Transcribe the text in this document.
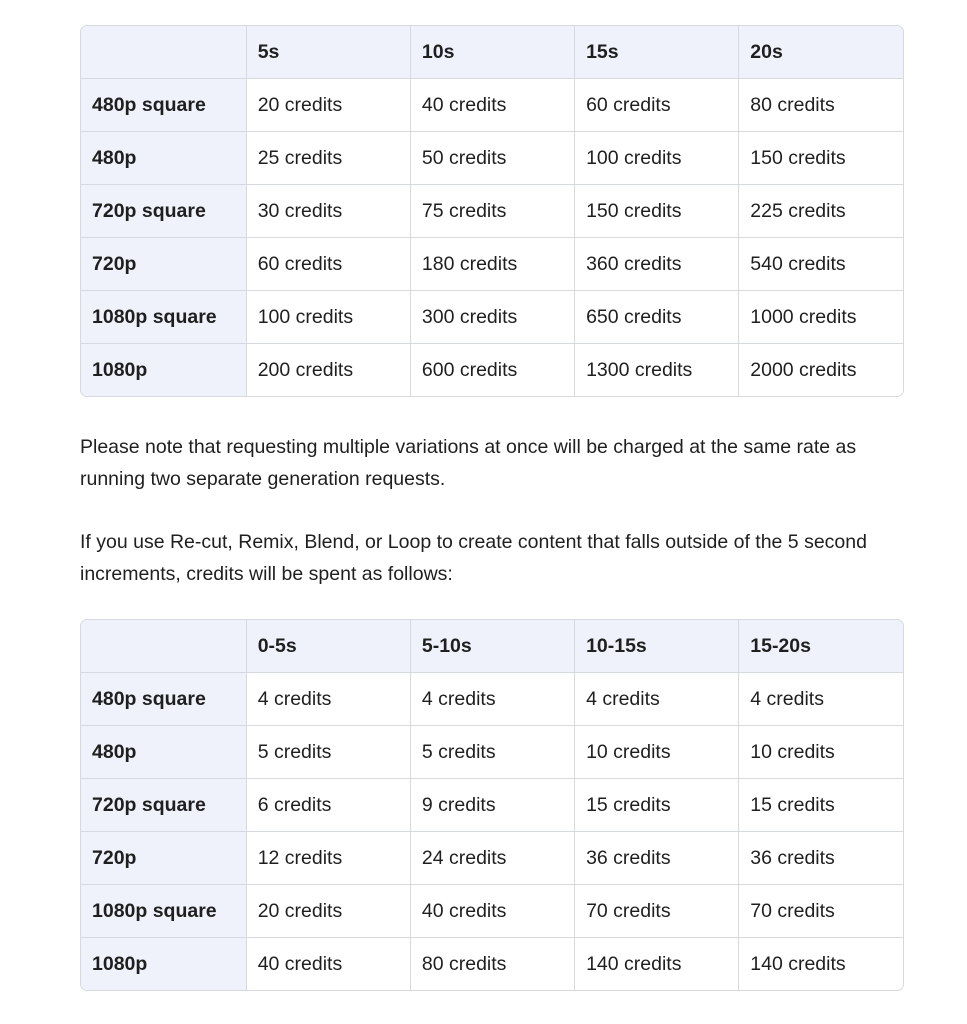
	5s	10s	15s	20s
480p square	20 credits	40 credits	60 credits	80 credits
480p	25 credits	50 credits	100 credits	150 credits
720p square	30 credits	75 credits	150 credits	225 credits
720p	60 credits	180 credits	360 credits	540 credits
1080p square	100 credits	300 credits	650 credits	1000 credits
1080p	200 credits	600 credits	1300 credits	2000 credits

Please note that requesting multiple variations at once will be charged at the same rate as running two separate generation requests.

If you use Re-cut, Remix, Blend, or Loop to create content that falls outside of the 5 second increments, credits will be spent as follows:

	0-5s	5-10s	10-15s	15-20s
480p square	4 credits	4 credits	4 credits	4 credits
480p	5 credits	5 credits	10 credits	10 credits
720p square	6 credits	9 credits	15 credits	15 credits
720p	12 credits	24 credits	36 credits	36 credits
1080p square	20 credits	40 credits	70 credits	70 credits
1080p	40 credits	80 credits	140 credits	140 credits
